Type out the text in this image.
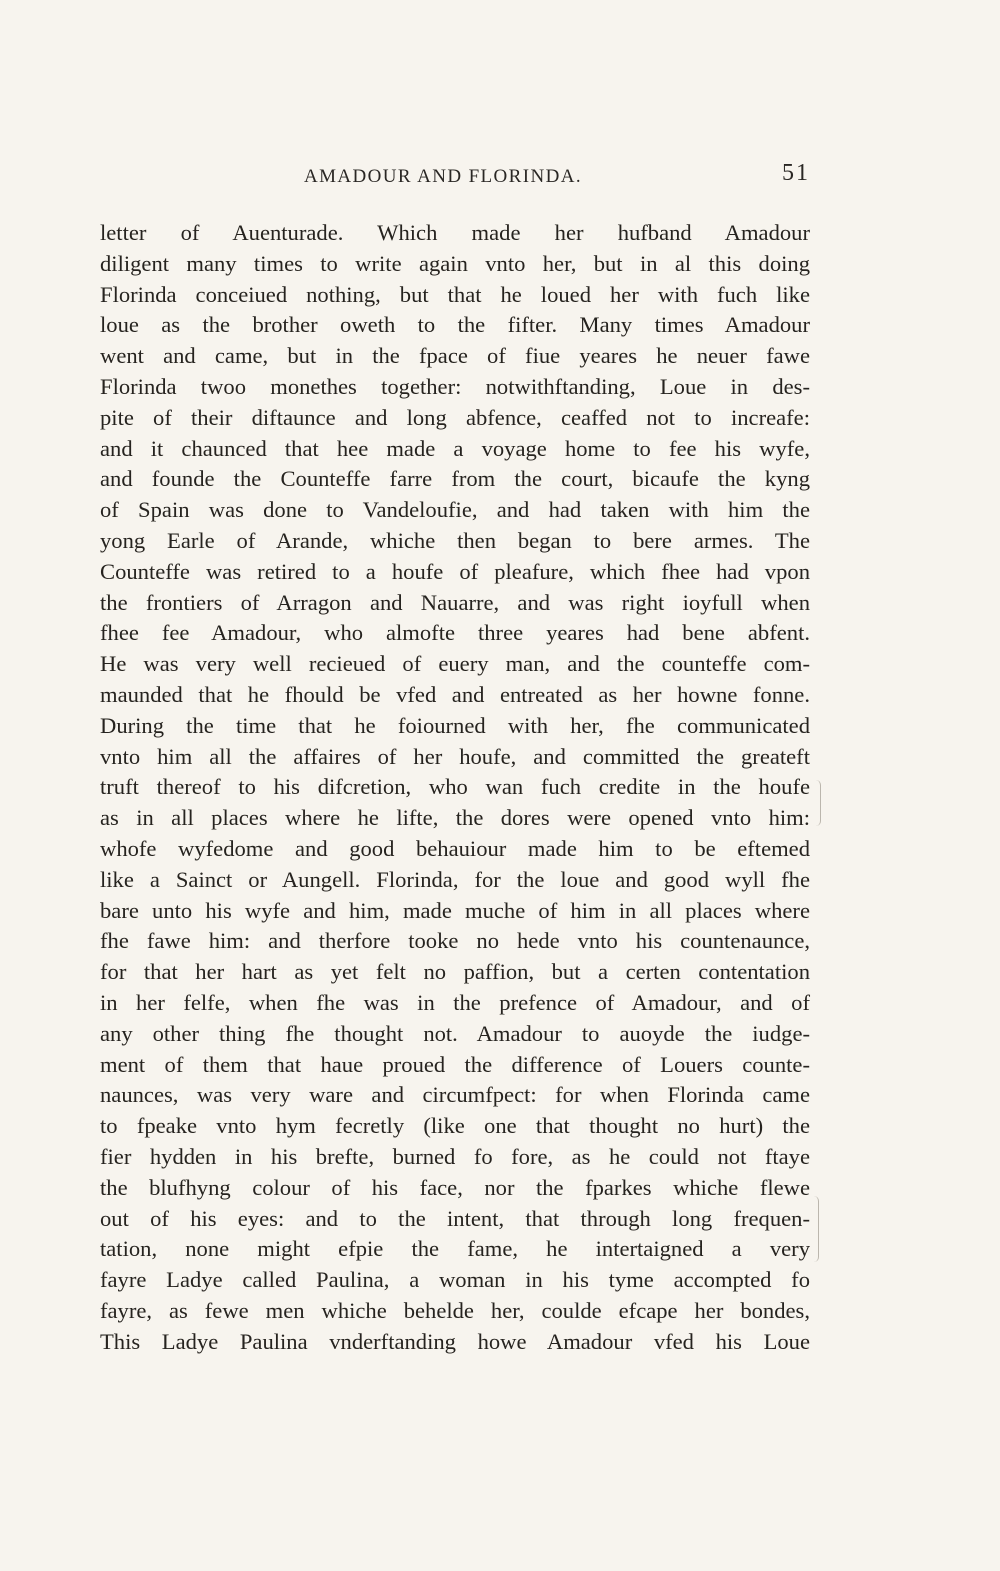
AMADOUR AND FLORINDA.	51
letter of Auenturade. Which made her hufband Amadour
diligent many times to write again vnto her, but in al this doing
Florinda conceiued nothing, but that he loued her with fuch like
loue as the brother oweth to the fifter. Many times Amadour
went and came, but in the fpace of fiue yeares he neuer fawe
Florinda twoo monethes together: notwithftanding, Loue in des-
pite of their diftaunce and long abfence, ceaffed not to increafe:
and it chaunced that hee made a voyage home to fee his wyfe,
and founde the Counteffe farre from the court, bicaufe the kyng
of Spain was done to Vandeloufie, and had taken with him the
yong Earle of Arande, whiche then began to bere armes. The
Counteffe was retired to a houfe of pleafure, which fhee had vpon
the frontiers of Arragon and Nauarre, and was right ioyfull when
fhee fee Amadour, who almofte three yeares had bene abfent.
He was very well recieued of euery man, and the counteffe com-
maunded that he fhould be vfed and entreated as her howne fonne.
During the time that he foiourned with her, fhe communicated
vnto him all the affaires of her houfe, and committed the greateft
truft thereof to his difcretion, who wan fuch credite in the houfe
as in all places where he lifte, the dores were opened vnto him:
whofe wyfedome and good behauiour made him to be eftemed
like a Sainct or Aungell. Florinda, for the loue and good wyll fhe
bare unto his wyfe and him, made muche of him in all places where
fhe fawe him: and therfore tooke no hede vnto his countenaunce,
for that her hart as yet felt no paffion, but a certen contentation
in her felfe, when fhe was in the prefence of Amadour, and of
any other thing fhe thought not. Amadour to auoyde the iudge-
ment of them that haue proued the difference of Louers counte-
naunces, was very ware and circumfpect: for when Florinda came
to fpeake vnto hym fecretly (like one that thought no hurt) the
fier hydden in his brefte, burned fo fore, as he could not ftaye
the blufhyng colour of his face, nor the fparkes whiche flewe
out of his eyes: and to the intent, that through long frequen-
tation, none might efpie the fame, he intertaigned a very
fayre Ladye called Paulina, a woman in his tyme accompted fo
fayre, as fewe men whiche behelde her, coulde efcape her bondes,
This Ladye Paulina vnderftanding howe Amadour vfed his Loue
